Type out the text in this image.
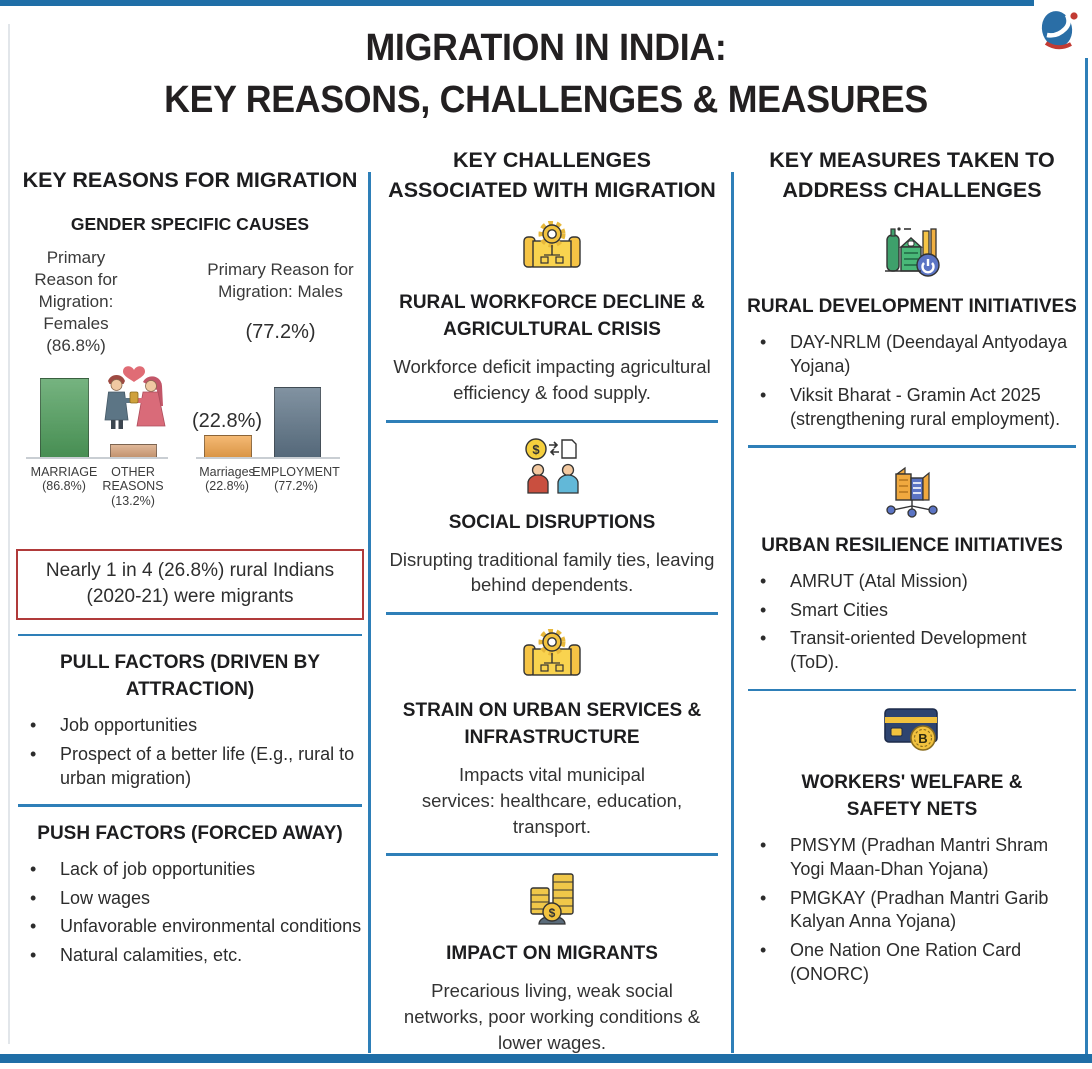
MIGRATION IN INDIA:
KEY REASONS, CHALLENGES & MEASURES
KEY REASONS FOR MIGRATION
GENDER SPECIFIC CAUSES
Primary Reason for Migration: Females (86.8%)
Primary Reason for Migration: Males
(77.2%)
(22.8%)
MARRIAGE (86.8%)
OTHER REASONS (13.2%)
Marriages (22.8%)
EMPLOYMENT (77.2%)
Nearly 1 in 4 (26.8%) rural Indians (2020-21) were migrants
PULL FACTORS (DRIVEN BY ATTRACTION)
• Job opportunities
• Prospect of a better life (E.g., rural to urban migration)
PUSH FACTORS (FORCED AWAY)
• Lack of job opportunities
• Low wages
• Unfavorable environmental conditions
• Natural calamities, etc.
KEY CHALLENGES ASSOCIATED WITH MIGRATION
RURAL WORKFORCE DECLINE & AGRICULTURAL CRISIS
Workforce deficit impacting agricultural efficiency & food supply.
$
SOCIAL DISRUPTIONS
Disrupting traditional family ties, leaving behind dependents.
STRAIN ON URBAN SERVICES & INFRASTRUCTURE
Impacts vital municipal services: healthcare, education, transport.
$
IMPACT ON MIGRANTS
Precarious living, weak social networks, poor working conditions & lower wages.
KEY MEASURES TAKEN TO ADDRESS CHALLENGES
RURAL DEVELOPMENT INITIATIVES
• DAY-NRLM (Deendayal Antyodaya Yojana)
• Viksit Bharat - Gramin Act 2025 (strengthening rural employment).
URBAN RESILIENCE INITIATIVES
• AMRUT (Atal Mission)
• Smart Cities
• Transit-oriented Development (ToD).
B
WORKERS' WELFARE & SAFETY NETS
• PMSYM (Pradhan Mantri Shram Yogi Maan-Dhan Yojana)
• PMGKAY (Pradhan Mantri Garib Kalyan Anna Yojana)
• One Nation One Ration Card (ONORC)
